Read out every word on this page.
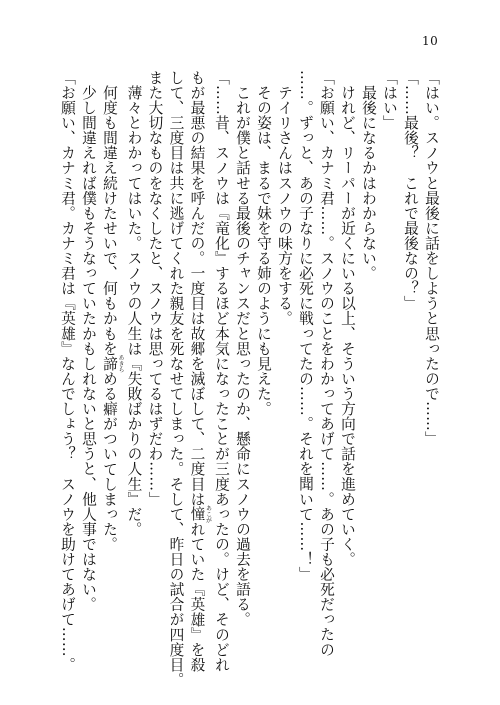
10
「はい。スノウと最後に話をしようと思ったので……」
「……最後？　これで最後なの？」
「はい」
　最後になるかはわからない。
　けれど、リーパーが近くにいる以上、そういう方向で話を進めていく。
「お願い、カナミ君……。スノウのことをわかってあげて……。あの子も必死だったの
……。ずっと、あの子なりに必死に戦ってたの……。それを聞いて……！」
　テイリさんはスノウの味方をする。
　その姿は、まるで妹を守る姉のようにも見えた。
　これが僕と話せる最後のチャンスだと思ったのか、懸命にスノウの過去を語る。
「……昔、スノウは『竜化』するほど本気になったことが三度あったの。けど、そのどれ
もが最悪の結果を呼んだの。一度目は故郷を滅ぼして、二度目は憧 あこがれていた『英雄』を殺
して、三度目は共に逃げてくれた親友を死なせてしまった。そして、昨日の試合が四度目。
また大切なものをなくしたと、スノウは思ってるはずだわ……」
　薄々とわかってはいた。スノウの人生は『失敗ばかりの人生』だ。
　何度も間違え続けたせいで、何もかもを諦 あきらめる癖がついてしまった。
　少し間違えれば僕もそうなっていたかもしれないと思うと、他人事ではない。
「お願い、カナミ君。カナミ君は『英雄』なんでしょう？　スノウを助けてあげて……。
